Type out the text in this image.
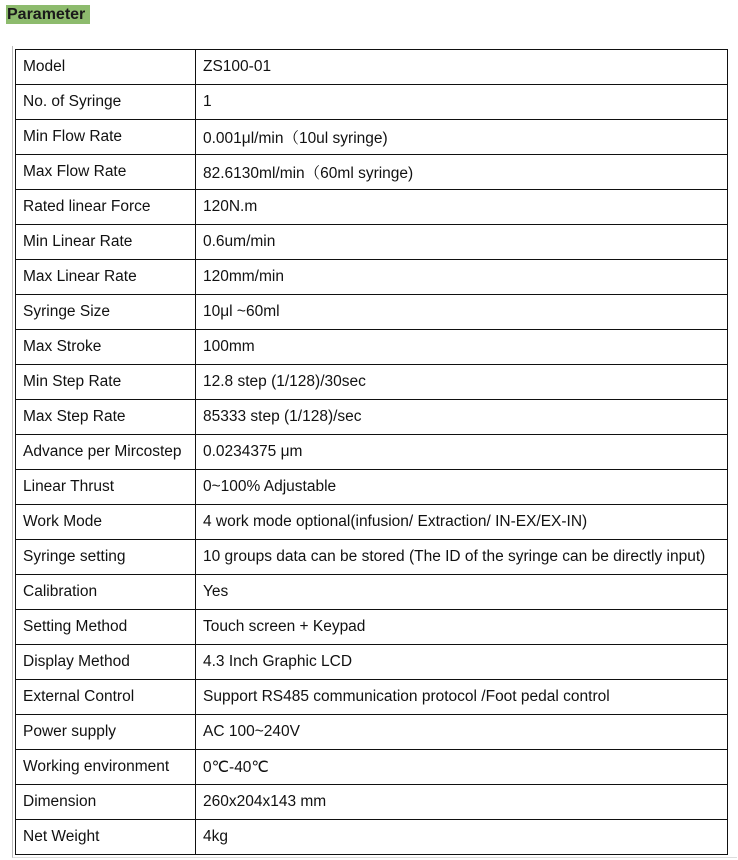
Parameter
Model	ZS100-01
No. of Syringe	1
Min Flow Rate	0.001μl/min（10ul syringe)
Max Flow Rate	82.6130ml/min（60ml syringe)
Rated linear Force	120N.m
Min Linear Rate	0.6um/min
Max Linear Rate	120mm/min
Syringe Size	10μl ~60ml
Max Stroke	100mm
Min Step Rate	12.8 step (1/128)/30sec
Max Step Rate	85333 step (1/128)/sec
Advance per Mircostep	0.0234375 μm
Linear Thrust	0~100% Adjustable
Work Mode	4 work mode optional(infusion/ Extraction/ IN-EX/EX-IN)
Syringe setting	10 groups data can be stored (The ID of the syringe can be directly input)
Calibration	Yes
Setting Method	Touch screen + Keypad
Display Method	4.3 Inch Graphic LCD
External Control	Support RS485 communication protocol /Foot pedal control
Power supply	AC 100~240V
Working environment	0℃-40℃
Dimension	260x204x143 mm
Net Weight	4kg
